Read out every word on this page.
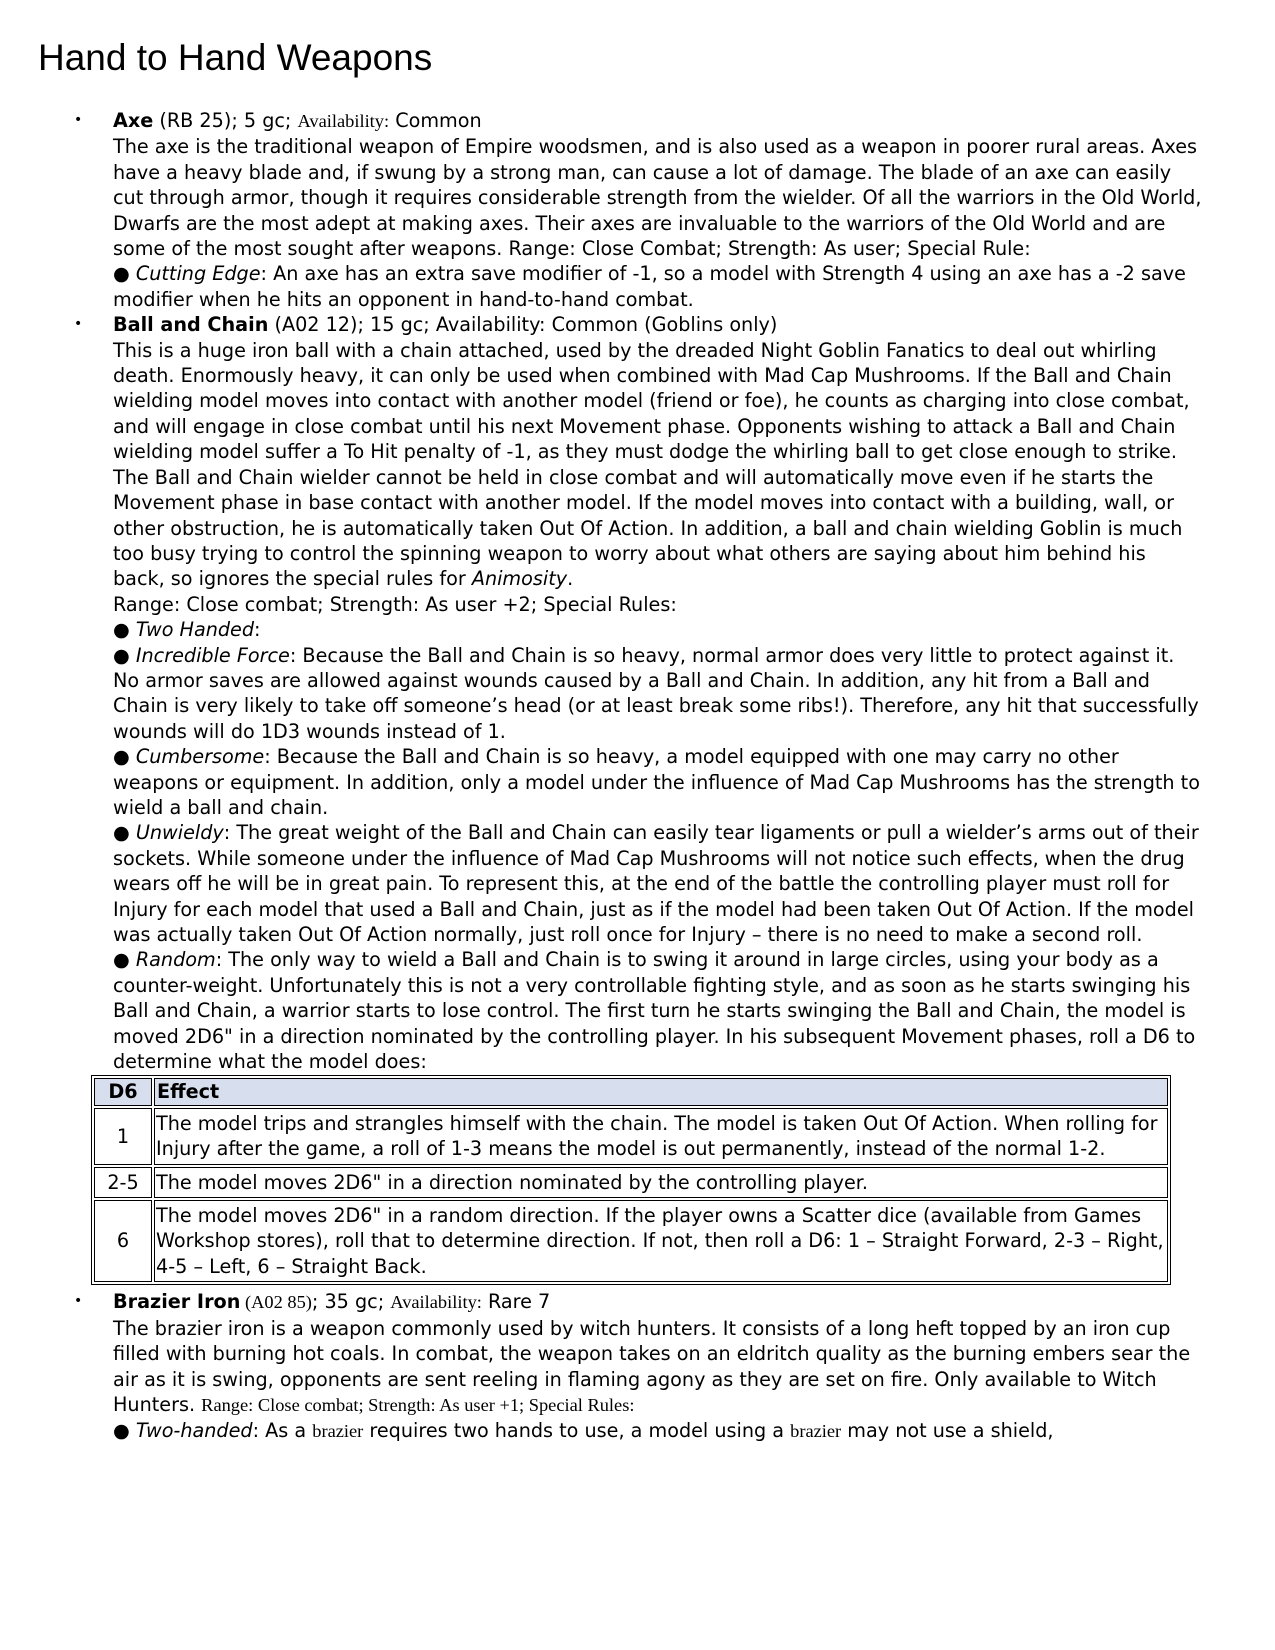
Hand to Hand Weapons
• Axe (RB 25); 5 gc; Availability: Common
The axe is the traditional weapon of Empire woodsmen, and is also used as a weapon in poorer rural areas. Axes have a heavy blade and, if swung by a strong man, can cause a lot of damage. The blade of an axe can easily cut through armor, though it requires considerable strength from the wielder. Of all the warriors in the Old World, Dwarfs are the most adept at making axes. Their axes are invaluable to the warriors of the Old World and are some of the most sought after weapons. Range: Close Combat; Strength: As user; Special Rule:
● Cutting Edge: An axe has an extra save modifier of -1, so a model with Strength 4 using an axe has a -2 save modifier when he hits an opponent in hand-to-hand combat.
• Ball and Chain (A02 12); 15 gc; Availability: Common (Goblins only)
This is a huge iron ball with a chain attached, used by the dreaded Night Goblin Fanatics to deal out whirling death. Enormously heavy, it can only be used when combined with Mad Cap Mushrooms. If the Ball and Chain wielding model moves into contact with another model (friend or foe), he counts as charging into close combat, and will engage in close combat until his next Movement phase. Opponents wishing to attack a Ball and Chain wielding model suffer a To Hit penalty of -1, as they must dodge the whirling ball to get close enough to strike. The Ball and Chain wielder cannot be held in close combat and will automatically move even if he starts the Movement phase in base contact with another model. If the model moves into contact with a building, wall, or other obstruction, he is automatically taken Out Of Action. In addition, a ball and chain wielding Goblin is much too busy trying to control the spinning weapon to worry about what others are saying about him behind his back, so ignores the special rules for Animosity.
Range: Close combat; Strength: As user +2; Special Rules:
● Two Handed:
● Incredible Force: Because the Ball and Chain is so heavy, normal armor does very little to protect against it. No armor saves are allowed against wounds caused by a Ball and Chain. In addition, any hit from a Ball and Chain is very likely to take off someone’s head (or at least break some ribs!). Therefore, any hit that successfully wounds will do 1D3 wounds instead of 1.
● Cumbersome: Because the Ball and Chain is so heavy, a model equipped with one may carry no other weapons or equipment. In addition, only a model under the influence of Mad Cap Mushrooms has the strength to wield a ball and chain.
● Unwieldy: The great weight of the Ball and Chain can easily tear ligaments or pull a wielder’s arms out of their sockets. While someone under the influence of Mad Cap Mushrooms will not notice such effects, when the drug wears off he will be in great pain. To represent this, at the end of the battle the controlling player must roll for Injury for each model that used a Ball and Chain, just as if the model had been taken Out Of Action. If the model was actually taken Out Of Action normally, just roll once for Injury – there is no need to make a second roll.
● Random: The only way to wield a Ball and Chain is to swing it around in large circles, using your body as a counter-weight. Unfortunately this is not a very controllable fighting style, and as soon as he starts swinging his Ball and Chain, a warrior starts to lose control. The first turn he starts swinging the Ball and Chain, the model is moved 2D6" in a direction nominated by the controlling player. In his subsequent Movement phases, roll a D6 to determine what the model does:
D6	Effect
1	The model trips and strangles himself with the chain. The model is taken Out Of Action. When rolling for Injury after the game, a roll of 1-3 means the model is out permanently, instead of the normal 1-2.
2-5	The model moves 2D6" in a direction nominated by the controlling player.
6	The model moves 2D6" in a random direction. If the player owns a Scatter dice (available from Games Workshop stores), roll that to determine direction. If not, then roll a D6: 1 – Straight Forward, 2-3 – Right, 4-5 – Left, 6 – Straight Back.
• Brazier Iron (A02 85); 35 gc; Availability: Rare 7
The brazier iron is a weapon commonly used by witch hunters. It consists of a long heft topped by an iron cup filled with burning hot coals. In combat, the weapon takes on an eldritch quality as the burning embers sear the air as it is swing, opponents are sent reeling in flaming agony as they are set on fire. Only available to Witch Hunters. Range: Close combat; Strength: As user +1; Special Rules:
● Two-handed: As a brazier requires two hands to use, a model using a brazier may not use a shield,
